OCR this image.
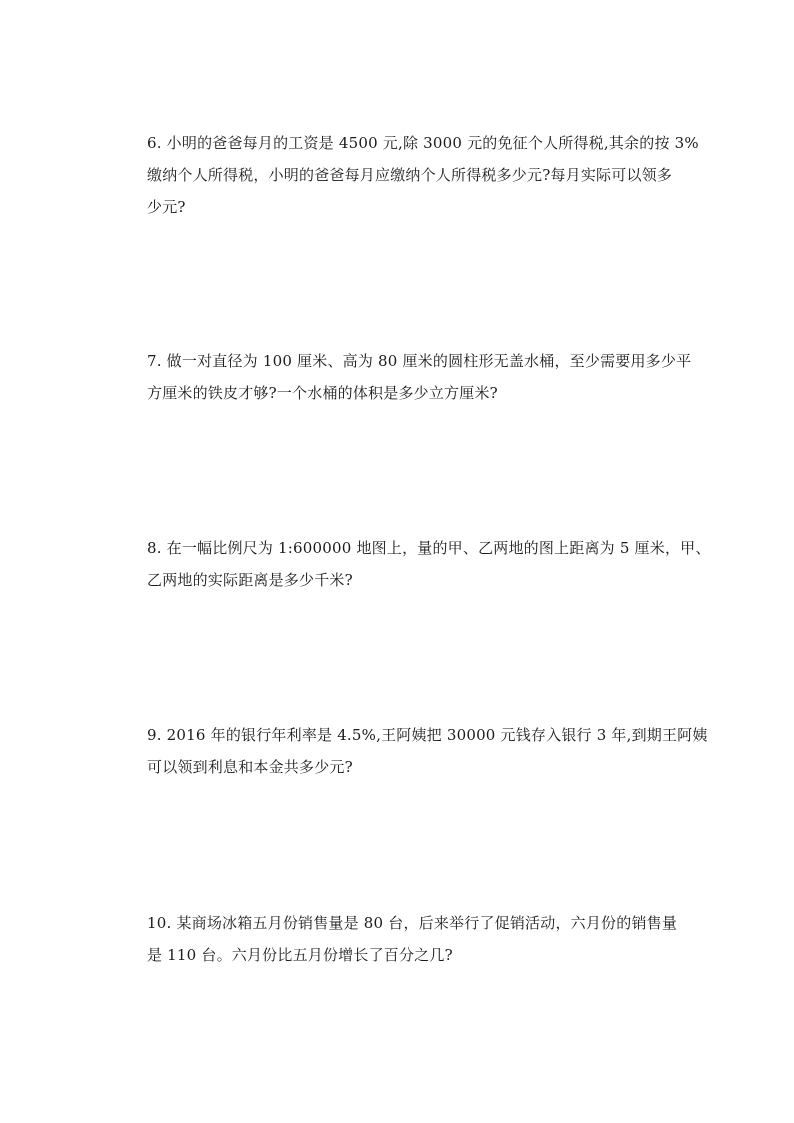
6. 小明的爸爸每月的工资是 4500 元,除 3000 元的免征个人所得税,其余的按 3%
缴纳个人所得税，小明的爸爸每月应缴纳个人所得税多少元?每月实际可以领多
少元?

7. 做一对直径为 100 厘米、高为 80 厘米的圆柱形无盖水桶，至少需要用多少平
方厘米的铁皮才够?一个水桶的体积是多少立方厘米?

8. 在一幅比例尺为 1:600000 地图上，量的甲、乙两地的图上距离为 5 厘米，甲、
乙两地的实际距离是多少千米?

9. 2016 年的银行年利率是 4.5%,王阿姨把 30000 元钱存入银行 3 年,到期王阿姨
可以领到利息和本金共多少元?

10. 某商场冰箱五月份销售量是 80 台，后来举行了促销活动，六月份的销售量
是 110 台。六月份比五月份增长了百分之几?
